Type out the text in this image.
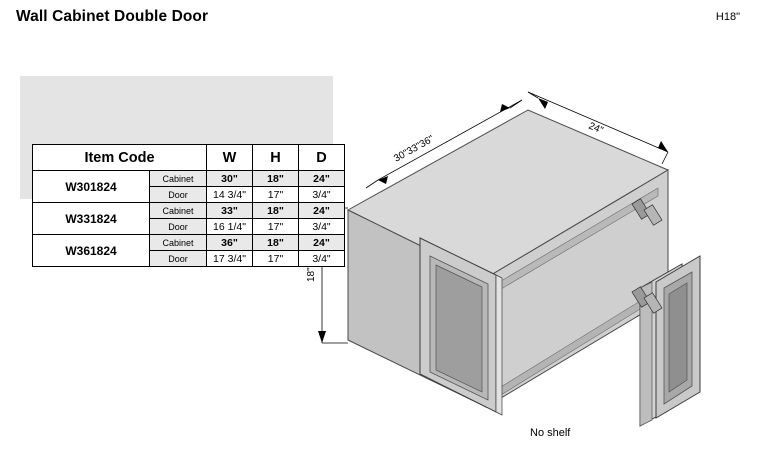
Wall Cabinet Double Door	H18"
Item Code		W	H	D
W301824	Cabinet	30"	18"	24"
	Door	14 3/4"	17"	3/4"
W331824	Cabinet	33"	18"	24"
	Door	16 1/4"	17"	3/4"
W361824	Cabinet	36"	18"	24"
	Door	17 3/4"	17"	3/4"
30"33"36"
24"
18"
No shelf
